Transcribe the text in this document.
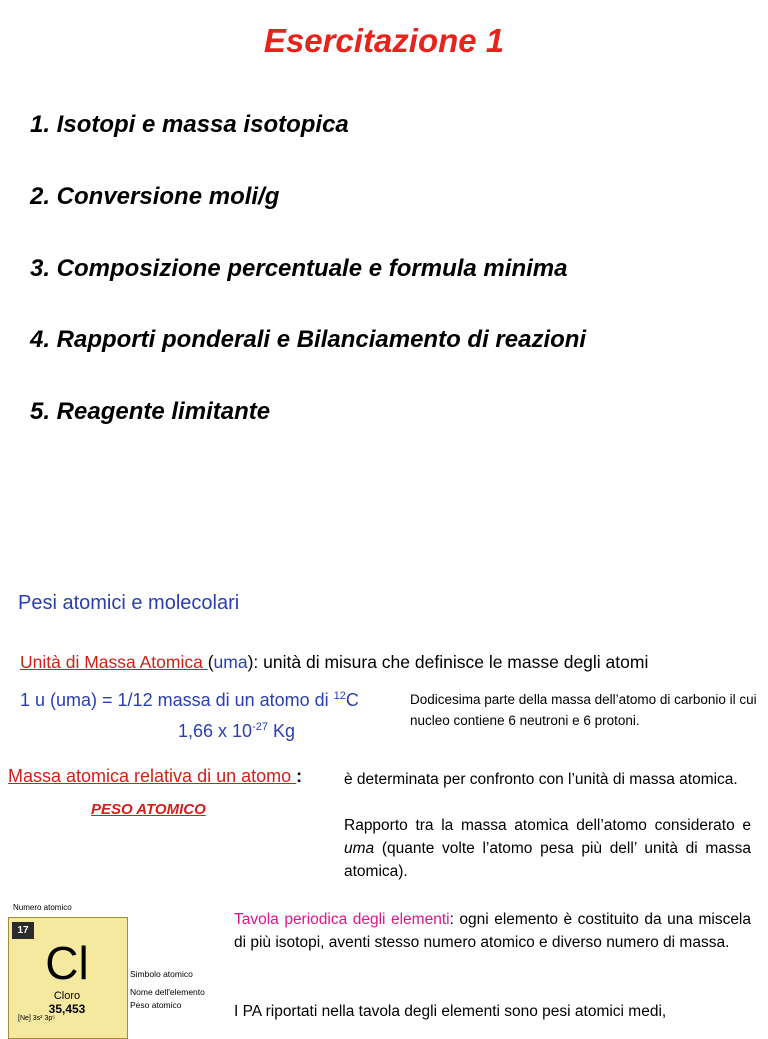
Esercitazione 1
1. Isotopi e massa isotopica
2. Conversione moli/g
3. Composizione percentuale e formula minima
4. Rapporti ponderali e Bilanciamento di reazioni
5. Reagente limitante
Pesi atomici e molecolari
Unità di Massa Atomica (uma): unità di misura che definisce le masse degli atomi
1 u (uma) = 1/12 massa di un atomo di $^{12}$C
1,66 x $10^{-27}$ Kg
Dodicesima parte della massa dell’atomo di carbonio il cui nucleo contiene 6 neutroni e 6 protoni.
Massa atomica relativa di un atomo :
PESO ATOMICO
è determinata per confronto con l’unità di massa atomica.
Rapporto tra la massa atomica dell’atomo considerato e uma (quante volte l’atomo pesa più dell’ unità di massa atomica).
Tavola periodica degli elementi: ogni elemento è costituito da una miscela di più isotopi, aventi stesso numero atomico e diverso numero di massa.
I PA riportati nella tavola degli elementi sono pesi atomici medi,
Numero atomico
17
Cl
Cloro
35,453
[Ne] 3s² 3p⁵
Simbolo atomico
Nome dell'elemento
Peso atomico
